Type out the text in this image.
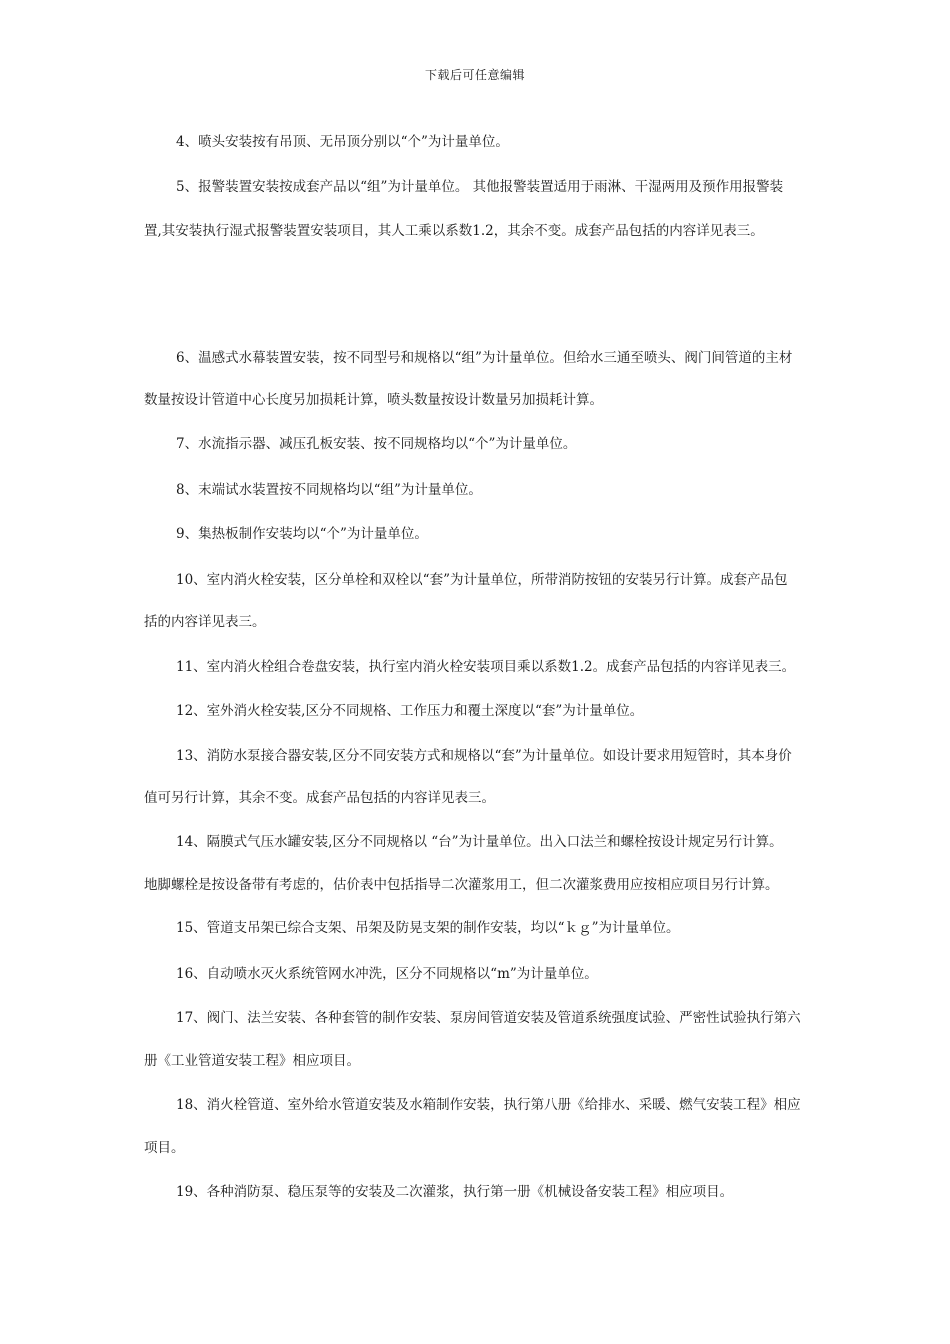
下载后可任意编辑
4、喷头安装按有吊顶、无吊顶分别以“个”为计量单位。
5、报警装置安装按成套产品以“组”为计量单位。 其他报警装置适用于雨淋、干湿两用及预作用报警装
置,其安装执行湿式报警装置安装项目，其人工乘以系数1.2，其余不变。成套产品包括的内容详见表三。
6、温感式水幕装置安装，按不同型号和规格以“组”为计量单位。但给水三通至喷头、阀门间管道的主材
数量按设计管道中心长度另加损耗计算，喷头数量按设计数量另加损耗计算。
7、水流指示器、减压孔板安装、按不同规格均以“个”为计量单位。
8、末端试水装置按不同规格均以“组”为计量单位。
9、集热板制作安装均以“个”为计量单位。
10、室内消火栓安装，区分单栓和双栓以“套”为计量单位，所带消防按钮的安装另行计算。成套产品包
括的内容详见表三。
11、室内消火栓组合卷盘安装，执行室内消火栓安装项目乘以系数1.2。成套产品包括的内容详见表三。
12、室外消火栓安装,区分不同规格、工作压力和覆土深度以“套”为计量单位。
13、消防水泵接合器安装,区分不同安装方式和规格以“套”为计量单位。如设计要求用短管时，其本身价
值可另行计算，其余不变。成套产品包括的内容详见表三。
14、隔膜式气压水罐安装,区分不同规格以 “台”为计量单位。出入口法兰和螺栓按设计规定另行计算。
地脚螺栓是按设备带有考虑的，估价表中包括指导二次灌浆用工，但二次灌浆费用应按相应项目另行计算。
15、管道支吊架已综合支架、吊架及防晃支架的制作安装，均以“ｋｇ”为计量单位。
16、自动喷水灭火系统管网水冲洗，区分不同规格以“m”为计量单位。
17、阀门、法兰安装、各种套管的制作安装、泵房间管道安装及管道系统强度试验、严密性试验执行第六
册《工业管道安装工程》相应项目。
18、消火栓管道、室外给水管道安装及水箱制作安装，执行第八册《给排水、采暖、燃气安装工程》相应
项目。
19、各种消防泵、稳压泵等的安装及二次灌浆，执行第一册《机械设备安装工程》相应项目。
